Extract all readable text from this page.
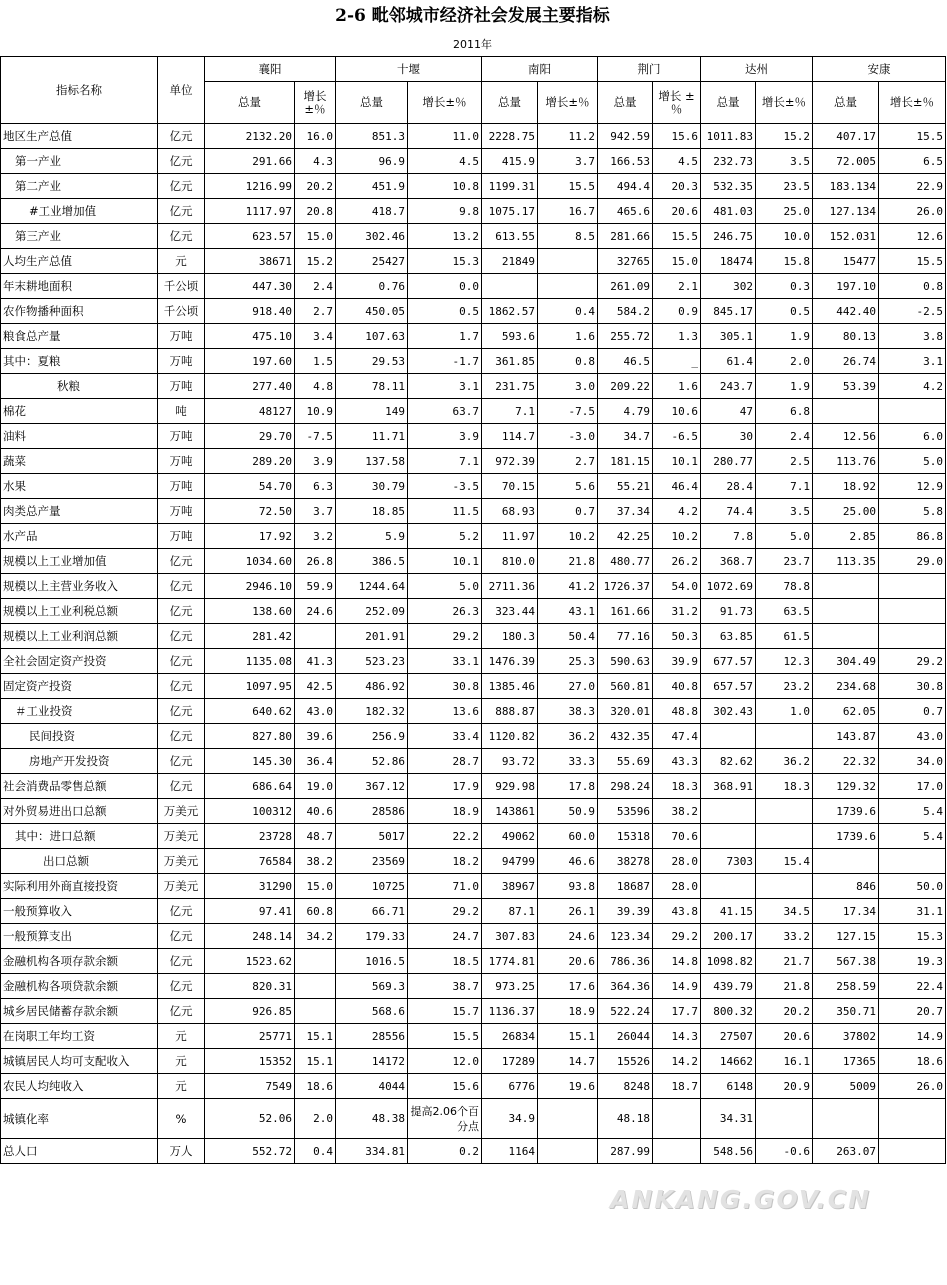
2-6 毗邻城市经济社会发展主要指标
2011年
指标名称	单位	襄阳		十堰		南阳		荆门		达州		安康	
		总量	增长 ±％	总量	增长±％	总量	增长±％	总量	增长 ±％	总量	增长±％	总量	增长±％
地区生产总值	亿元	2132.20	16.0	851.3	11.0	2228.75	11.2	942.59	15.6	1011.83	15.2	407.17	15.5
第一产业	亿元	291.66	4.3	96.9	4.5	415.9	3.7	166.53	4.5	232.73	3.5	72.005	6.5
第二产业	亿元	1216.99	20.2	451.9	10.8	1199.31	15.5	494.4	20.3	532.35	23.5	183.134	22.9
#工业增加值	亿元	1117.97	20.8	418.7	9.8	1075.17	16.7	465.6	20.6	481.03	25.0	127.134	26.0
第三产业	亿元	623.57	15.0	302.46	13.2	613.55	8.5	281.66	15.5	246.75	10.0	152.031	12.6
人均生产总值	元	38671	15.2	25427	15.3	21849		32765	15.0	18474	15.8	15477	15.5
年末耕地面积	千公顷	447.30	2.4	0.76	0.0			261.09	2.1	302	0.3	197.10	0.8
农作物播种面积	千公顷	918.40	2.7	450.05	0.5	1862.57	0.4	584.2	0.9	845.17	0.5	442.40	-2.5
粮食总产量	万吨	475.10	3.4	107.63	1.7	593.6	1.6	255.72	1.3	305.1	1.9	80.13	3.8
其中：夏粮	万吨	197.60	1.5	29.53	-1.7	361.85	0.8	46.5	_	61.4	2.0	26.74	3.1
秋粮	万吨	277.40	4.8	78.11	3.1	231.75	3.0	209.22	1.6	243.7	1.9	53.39	4.2
棉花	吨	48127	10.9	149	63.7	7.1	-7.5	4.79	10.6	47	6.8		
油料	万吨	29.70	-7.5	11.71	3.9	114.7	-3.0	34.7	-6.5	30	2.4	12.56	6.0
蔬菜	万吨	289.20	3.9	137.58	7.1	972.39	2.7	181.15	10.1	280.77	2.5	113.76	5.0
水果	万吨	54.70	6.3	30.79	-3.5	70.15	5.6	55.21	46.4	28.4	7.1	18.92	12.9
肉类总产量	万吨	72.50	3.7	18.85	11.5	68.93	0.7	37.34	4.2	74.4	3.5	25.00	5.8
水产品	万吨	17.92	3.2	5.9	5.2	11.97	10.2	42.25	10.2	7.8	5.0	2.85	86.8
规模以上工业增加值	亿元	1034.60	26.8	386.5	10.1	810.0	21.8	480.77	26.2	368.7	23.7	113.35	29.0
规模以上主营业务收入	亿元	2946.10	59.9	1244.64	5.0	2711.36	41.2	1726.37	54.0	1072.69	78.8		
规模以上工业利税总额	亿元	138.60	24.6	252.09	26.3	323.44	43.1	161.66	31.2	91.73	63.5		
规模以上工业利润总额	亿元	281.42		201.91	29.2	180.3	50.4	77.16	50.3	63.85	61.5		
全社会固定资产投资	亿元	1135.08	41.3	523.23	33.1	1476.39	25.3	590.63	39.9	677.57	12.3	304.49	29.2
固定资产投资	亿元	1097.95	42.5	486.92	30.8	1385.46	27.0	560.81	40.8	657.57	23.2	234.68	30.8
＃工业投资	亿元	640.62	43.0	182.32	13.6	888.87	38.3	320.01	48.8	302.43	1.0	62.05	0.7
民间投资	亿元	827.80	39.6	256.9	33.4	1120.82	36.2	432.35	47.4			143.87	43.0
房地产开发投资	亿元	145.30	36.4	52.86	28.7	93.72	33.3	55.69	43.3	82.62	36.2	22.32	34.0
社会消费品零售总额	亿元	686.64	19.0	367.12	17.9	929.98	17.8	298.24	18.3	368.91	18.3	129.32	17.0
对外贸易进出口总额	万美元	100312	40.6	28586	18.9	143861	50.9	53596	38.2			1739.6	5.4
其中：进口总额	万美元	23728	48.7	5017	22.2	49062	60.0	15318	70.6			1739.6	5.4
出口总额	万美元	76584	38.2	23569	18.2	94799	46.6	38278	28.0	7303	15.4		
实际利用外商直接投资	万美元	31290	15.0	10725	71.0	38967	93.8	18687	28.0			846	50.0
一般预算收入	亿元	97.41	60.8	66.71	29.2	87.1	26.1	39.39	43.8	41.15	34.5	17.34	31.1
一般预算支出	亿元	248.14	34.2	179.33	24.7	307.83	24.6	123.34	29.2	200.17	33.2	127.15	15.3
金融机构各项存款余额	亿元	1523.62		1016.5	18.5	1774.81	20.6	786.36	14.8	1098.82	21.7	567.38	19.3
金融机构各项贷款余额	亿元	820.31		569.3	38.7	973.25	17.6	364.36	14.9	439.79	21.8	258.59	22.4
城乡居民储蓄存款余额	亿元	926.85		568.6	15.7	1136.37	18.9	522.24	17.7	800.32	20.2	350.71	20.7
在岗职工年均工资	元	25771	15.1	28556	15.5	26834	15.1	26044	14.3	27507	20.6	37802	14.9
城镇居民人均可支配收入	元	15352	15.1	14172	12.0	17289	14.7	15526	14.2	14662	16.1	17365	18.6
农民人均纯收入	元	7549	18.6	4044	15.6	6776	19.6	8248	18.7	6148	20.9	5009	26.0
城镇化率	%	52.06	2.0	48.38	提高2.06个百分点	34.9		48.18		34.31			
总人口	万人	552.72	0.4	334.81	0.2	1164		287.99		548.56	-0.6	263.07	
ANKANG.GOV.CN
